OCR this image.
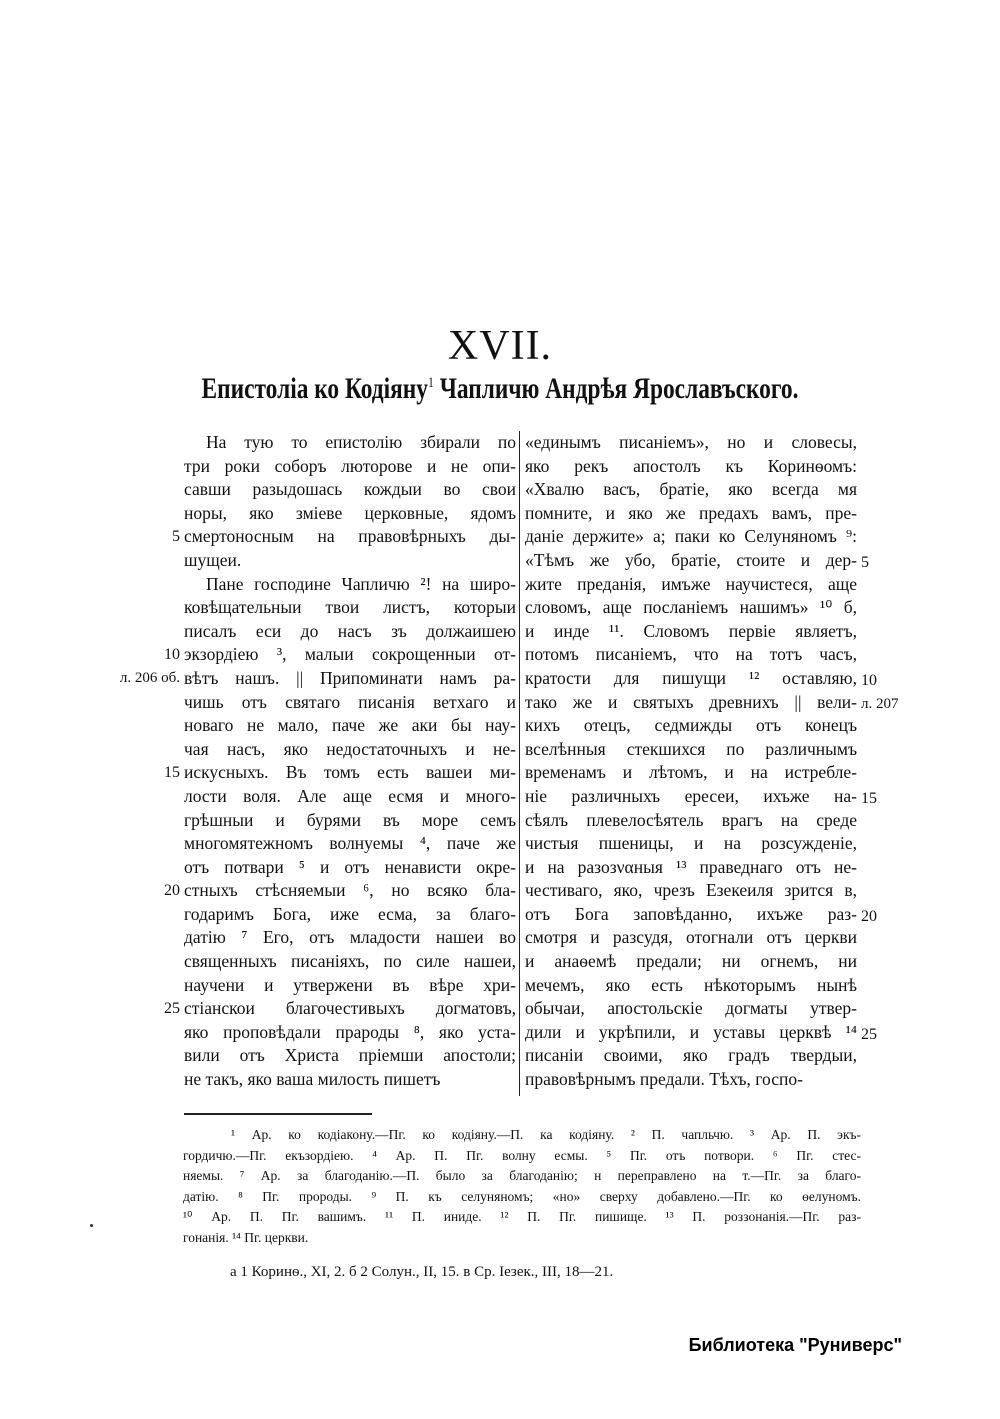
XVII.
Епистолiа ко Кодiяну$^1$ Чапличю Андрѣя Ярославъского.
На тую то епистолiю збирали по
три роки соборъ люторове и не опи-
савши разыдошась кождыи во свои
норы, яко змiеве церковные, ядомъ
смертоносным на правовѣрныхъ ды-
шущеи.
Пане господине Чапличю ²! на широ-
ковѣщательныи твои листъ, которыи
писалъ еси до насъ зъ должаишею
экзордiею ³, малыи сокрощенныи от-
вѣтъ нашъ. || Припоминати намъ ра-
чишь отъ святаго писанiя ветхаго и
новаго не мало, паче же аки бы нау-
чая насъ, яко недостаточныхъ и не-
искусныхъ. Въ томъ есть вашеи ми-
лости воля. Але аще есмя и много-
грѣшныи и бурями въ море семъ
многомятежномъ волнуемы ⁴, паче же
отъ потвари ⁵ и отъ ненависти окре-
стныхъ стѣсняемыи ⁶, но всяко бла-
годаримъ Бога, иже есма, за благо-
датiю ⁷ Его, отъ младости нашеи во
священныхъ писанiяхъ, по силе нашеи,
научени и утвержени въ вѣре хри-
стiанскои благочестивыхъ догматовъ,
яко проповѣдали прароды ⁸, яко уста-
вили отъ Христа прiемши апостоли;
не такъ, яко ваша милость пишетъ
«единымъ писанiемъ», но и словесы,
яко рекъ апостолъ къ Коринѳомъ:
«Хвалю васъ, братiе, яко всегда мя
помните, и яко же предахъ вамъ, пре-
данiе держите» а; паки ко Селуняномъ ⁹:
«Тѣмъ же убо, братiе, стоите и дер-
жите преданiя, имъже научистеся, аще
словомъ, аще посланiемъ нашимъ» ¹⁰ б,
и инде ¹¹. Словомъ первiе являетъ,
потомъ писанiемъ, что на тотъ часъ,
кратости для пишущи ¹² оставляю,
тако же и святыхъ древнихъ || вели-
кихъ отецъ, седмижды отъ конецъ
вселѣнныя стекшихся по различнымъ
временамъ и лѣтомъ, и на истребле-
нiе различныхъ ересеи, ихъже на-
сѣялъ плевелосѣятель врагъ на среде
чистыя пшеницы, и на розсужденiе,
и на разозναныя ¹³ праведнаго отъ не-
честиваго, яко, чрезъ Езекеиля зрится в,
отъ Бога заповѣданно, ихъже раз-
смотря и разсудя, отогнали отъ церкви
и анаѳемѣ предали; ни огнемъ, ни
мечемъ, яко есть нѣкоторымъ нынѣ
обычаи, апостольскiе догматы утвер-
дили и укрѣпили, и уставы церквѣ ¹⁴
писаніи своими, яко градъ твердыи,
правовѣрнымъ предали. Тѣхъ, госпо-
5
10
л. 206 об.
15
20
25
5
10
л. 207
15
20
25
¹ Ар. ко кодiакону.—Пг. ко кодiяну.—П. ка кодiяну. ² П. чапльчю. ³ Ар. П. экъ-
гордичю.—Пг. екъзордiею. ⁴ Ар. П. Пг. волну есмы. ⁵ Пг. отъ потвори. ⁶ Пг. стес-
няемы. ⁷ Ар. за благоданiю.—П. было за благоданiю; н переправлено на т.—Пг. за благо-
датiю. ⁸ Пг. пророды. ⁹ П. къ селуняномъ; «но» сверху добавлено.—Пг. ко ѳелуномъ.
¹⁰ Ар. П. Пг. вашимъ. ¹¹ П. иниде. ¹² П. Пг. пишище. ¹³ П. роззонанiя.—Пг. раз-
гонанiя. ¹⁴ Пг. церкви.
а 1 Коринѳ., XI, 2. б 2 Солун., II, 15. в Ср. Iезек., III, 18—21.
Библиотека "Руниверс"
